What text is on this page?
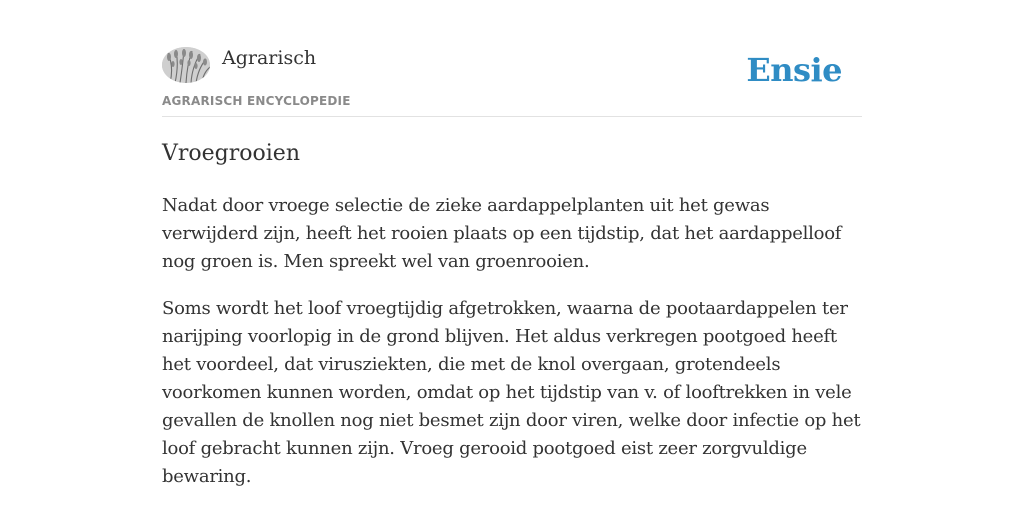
Agrarisch
AGRARISCH ENCYCLOPEDIE
Ensie
Vroegrooien

Nadat door vroege selectie de zieke aardappelplanten uit het gewas verwijderd zijn, heeft het rooien plaats op een tijdstip, dat het aardappelloof nog groen is. Men spreekt wel van groenrooien.

Soms wordt het loof vroegtijdig afgetrokken, waarna de pootaardappelen ter narijping voorlopig in de grond blijven. Het aldus verkregen pootgoed heeft het voordeel, dat virusziekten, die met de knol overgaan, grotendeels voorkomen kunnen worden, omdat op het tijdstip van v. of looftrekken in vele gevallen de knollen nog niet besmet zijn door viren, welke door infectie op het loof gebracht kunnen zijn. Vroeg gerooid pootgoed eist zeer zorgvuldige bewaring.
